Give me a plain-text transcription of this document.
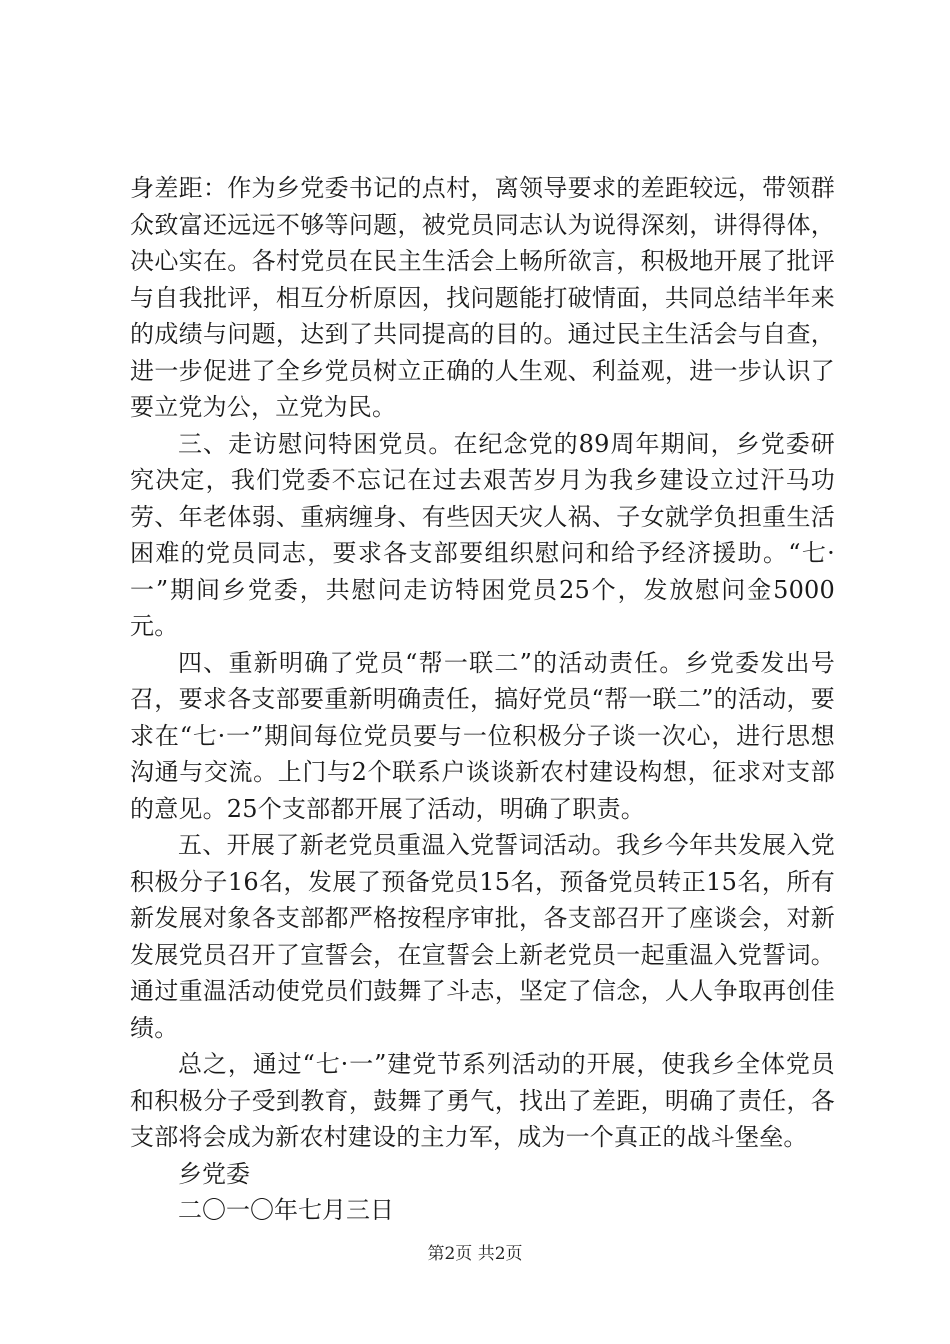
身差距：作为乡党委书记的点村，离领导要求的差距较远，带领群众致富还远远不够等问题，被党员同志认为说得深刻，讲得得体，决心实在。各村党员在民主生活会上畅所欲言，积极地开展了批评与自我批评，相互分析原因，找问题能打破情面，共同总结半年来的成绩与问题，达到了共同提高的目的。通过民主生活会与自查，进一步促进了全乡党员树立正确的人生观、利益观，进一步认识了要立党为公，立党为民。

三、走访慰问特困党员。在纪念党的89周年期间，乡党委研究决定，我们党委不忘记在过去艰苦岁月为我乡建设立过汗马功劳、年老体弱、重病缠身、有些因天灾人祸、子女就学负担重生活困难的党员同志，要求各支部要组织慰问和给予经济援助。“七·一”期间乡党委，共慰问走访特困党员25个，发放慰问金5000元。

四、重新明确了党员“帮一联二”的活动责任。乡党委发出号召，要求各支部要重新明确责任，搞好党员“帮一联二”的活动，要求在“七·一”期间每位党员要与一位积极分子谈一次心，进行思想沟通与交流。上门与2个联系户谈谈新农村建设构想，征求对支部的意见。25个支部都开展了活动，明确了职责。

五、开展了新老党员重温入党誓词活动。我乡今年共发展入党积极分子16名，发展了预备党员15名，预备党员转正15名，所有新发展对象各支部都严格按程序审批，各支部召开了座谈会，对新发展党员召开了宣誓会，在宣誓会上新老党员一起重温入党誓词。通过重温活动使党员们鼓舞了斗志，坚定了信念，人人争取再创佳绩。

总之，通过“七·一”建党节系列活动的开展，使我乡全体党员和积极分子受到教育，鼓舞了勇气，找出了差距，明确了责任，各支部将会成为新农村建设的主力军，成为一个真正的战斗堡垒。

乡党委

二〇一〇年七月三日

第2页 共2页
